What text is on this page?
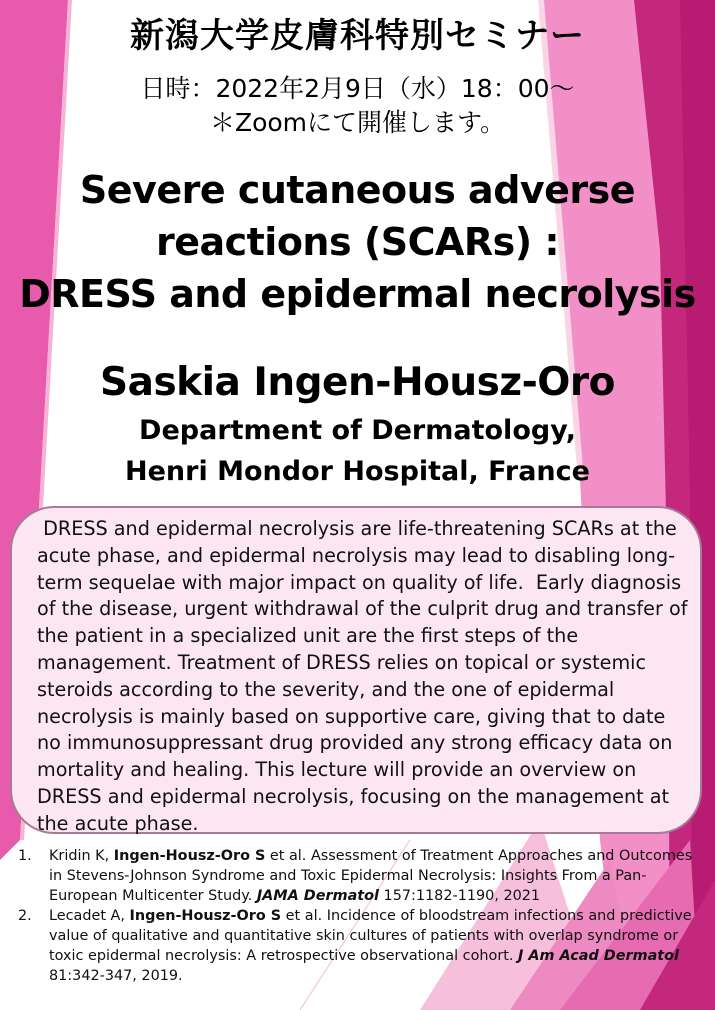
新潟大学皮膚科特別セミナー
日時：2022年2月9日（水）18：00～
＊Zoomにて開催します。
Severe cutaneous adverse
reactions (SCARs) :
DRESS and epidermal necrolysis
Saskia Ingen-Housz-Oro
Department of Dermatology,
Henri Mondor Hospital, France

DRESS and epidermal necrolysis are life-threatening SCARs at the acute phase, and epidermal necrolysis may lead to disabling long-term sequelae with major impact on quality of life.  Early diagnosis of the disease, urgent withdrawal of the culprit drug and transfer of the patient in a specialized unit are the first steps of the management. Treatment of DRESS relies on topical or systemic steroids according to the severity, and the one of epidermal necrolysis is mainly based on supportive care, giving that to date no immunosuppressant drug provided any strong efficacy data on mortality and healing. This lecture will provide an overview on DRESS and epidermal necrolysis, focusing on the management at the acute phase.

1. Kridin K, Ingen-Housz-Oro S et al. Assessment of Treatment Approaches and Outcomes in Stevens-Johnson Syndrome and Toxic Epidermal Necrolysis: Insights From a Pan-European Multicenter Study. JAMA Dermatol 157:1182-1190, 2021
2. Lecadet A, Ingen-Housz-Oro S et al. Incidence of bloodstream infections and predictive value of qualitative and quantitative skin cultures of patients with overlap syndrome or toxic epidermal necrolysis: A retrospective observational cohort. J Am Acad Dermatol 81:342-347, 2019.
